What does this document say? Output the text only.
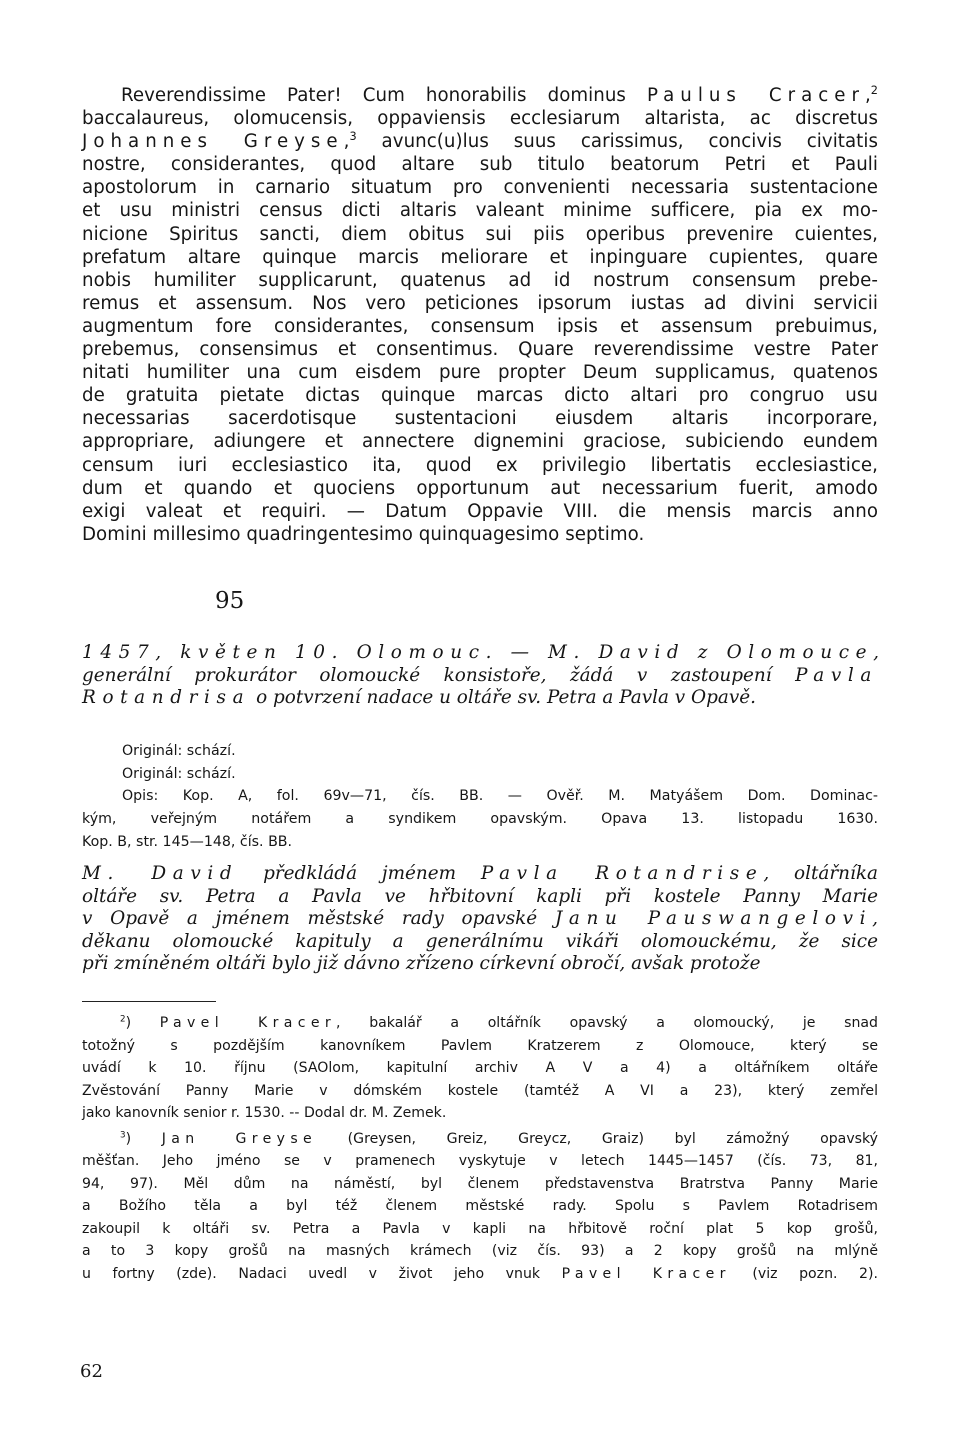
Reverendissime Pater! Cum honorabilis dominus Paulus Cracer,$^2$
baccalaureus, olomucensis, oppaviensis ecclesiarum altarista, ac discretus
Johannes Greyse,$^3$ avunc(u)lus suus carissimus, concivis civitatis
nostre, considerantes, quod altare sub titulo beatorum Petri et Pauli
apostolorum in carnario situatum pro convenienti necessaria sustentacione
et usu ministri census dicti altaris valeant minime sufficere, pia ex mo-
nicione Spiritus sancti, diem obitus sui piis operibus prevenire cuientes,
prefatum altare quinque marcis meliorare et inpinguare cupientes, quare
nobis humiliter supplicarunt, quatenus ad id nostrum consensum prebe-
remus et assensum. Nos vero peticiones ipsorum iustas ad divini servicii
augmentum fore considerantes, consensum ipsis et assensum prebuimus,
prebemus, consensimus et consentimus. Quare reverendissime vestre Pater
nitati humiliter una cum eisdem pure propter Deum supplicamus, quatenos
de gratuita pietate dictas quinque marcas dicto altari pro congruo usu
necessarias sacerdotisque sustentacioni eiusdem altaris incorporare,
appropriare, adiungere et annectere dignemini graciose, subiciendo eundem
censum iuri ecclesiastico ita, quod ex privilegio libertatis ecclesiastice,
dum et quando et quociens opportunum aut necessarium fuerit, amodo
exigi valeat et requiri. — Datum Oppavie VIII. die mensis marcis anno
Domini millesimo quadringentesimo quinquagesimo septimo.
95
1457, květen 10. Olomouc. — M. David z Olomouce,
generální prokurátor olomoucké konsistoře, žádá v zastoupení Pavla
Rotandrisa o potvrzení nadace u oltáře sv. Petra a Pavla v Opavě.
Originál: schází.
Originál: schází.
Opis: Kop. A, fol. 69v—71, čís. BB. — Ověř. M. Matyášem Dom. Dominac-
kým, veřejným notářem a syndikem opavským. Opava 13. listopadu 1630.
Kop. B, str. 145—148, čís. BB.
M. David předkládá jménem Pavla Rotandrise, oltářníka
oltáře sv. Petra a Pavla ve hřbitovní kapli při kostele Panny Marie
v Opavě a jménem městské rady opavské Janu Pauswangelovi,
děkanu olomoucké kapituly a generálnímu vikáři olomouckému, že sice
při zmíněném oltáři bylo již dávno zřízeno církevní obročí, avšak protože
$^2$) Pavel Kracer, bakalář a oltářník opavský a olomoucký, je snad
totožný s pozdějším kanovníkem Pavlem Kratzerem z Olomouce, který se
uvádí k 10. říjnu (SAOlom, kapitulní archiv A V a 4) a oltářníkem oltáře
Zvěstování Panny Marie v dómském kostele (tamtéž A VI a 23), který zemřel
jako kanovník senior r. 1530. -- Dodal dr. M. Zemek.
$^3$) Jan Greyse (Greysen, Greiz, Greycz, Graiz) byl zámožný opavský
měšťan. Jeho jméno se v pramenech vyskytuje v letech 1445—1457 (čís. 73, 81,
94, 97). Měl dům na náměstí, byl členem představenstva Bratrstva Panny Marie
a Božího těla a byl též členem městské rady. Spolu s Pavlem Rotadrisem
zakoupil k oltáři sv. Petra a Pavla v kapli na hřbitově roční plat 5 kop grošů,
a to 3 kopy grošů na masných krámech (viz čís. 93) a 2 kopy grošů na mlýně
u fortny (zde). Nadaci uvedl v život jeho vnuk Pavel Kracer (viz pozn. 2).
62
